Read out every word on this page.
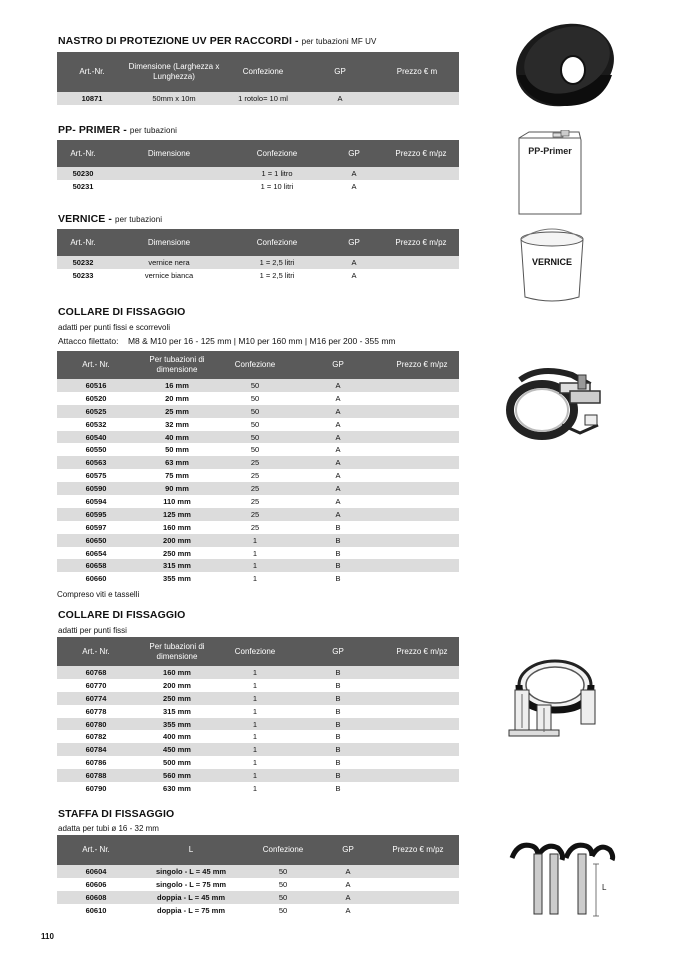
NASTRO DI PROTEZIONE UV PER RACCORDI - per tubazioni MF UV
Art.-Nr.	Dimensione (Larghezza x Lunghezza)	Confezione	GP	Prezzo € m
10871	50mm x 10m	1 rotolo= 10 ml	A	
PP- PRIMER - per tubazioni
Art.-Nr.	Dimensione	Confezione	GP	Prezzo € m/pz
50230		1 = 1 litro	A	
50231		1 = 10 litri	A	
VERNICE - per tubazioni
Art.-Nr.	Dimensione	Confezione	GP	Prezzo € m/pz
50232	vernice nera	1 = 2,5 litri	A	
50233	vernice bianca	1 = 2,5 litri	A	
COLLARE DI FISSAGGIO
adatti per punti fissi e scorrevoli
Attacco filettato: M8 & M10 per 16 - 125 mm | M10 per 160 mm | M16 per 200 - 355 mm
Art.- Nr.	Per tubazioni di dimensione	Confezione	GP	Prezzo € m/pz
60516	16 mm	50	A	
60520	20 mm	50	A	
60525	25 mm	50	A	
60532	32 mm	50	A	
60540	40 mm	50	A	
60550	50 mm	50	A	
60563	63 mm	25	A	
60575	75 mm	25	A	
60590	90 mm	25	A	
60594	110 mm	25	A	
60595	125 mm	25	A	
60597	160 mm	25	B	
60650	200 mm	1	B	
60654	250 mm	1	B	
60658	315 mm	1	B	
60660	355 mm	1	B	
Compreso viti e tasselli
COLLARE DI FISSAGGIO
adatti per punti fissi
Art.- Nr.	Per tubazioni di dimensione	Confezione	GP	Prezzo € m/pz
60768	160 mm	1	B	
60770	200 mm	1	B	
60774	250 mm	1	B	
60778	315 mm	1	B	
60780	355 mm	1	B	
60782	400 mm	1	B	
60784	450 mm	1	B	
60786	500 mm	1	B	
60788	560 mm	1	B	
60790	630 mm	1	B	
STAFFA DI FISSAGGIO
adatta per tubi ø 16 - 32 mm
Art.- Nr.	L	Confezione	GP	Prezzo € m/pz
60604	singolo - L = 45 mm	50	A	
60606	singolo - L = 75 mm	50	A	
60608	doppia - L = 45 mm	50	A	
60610	doppia - L = 75 mm	50	A	
110
PP-Primer
VERNICE
L
